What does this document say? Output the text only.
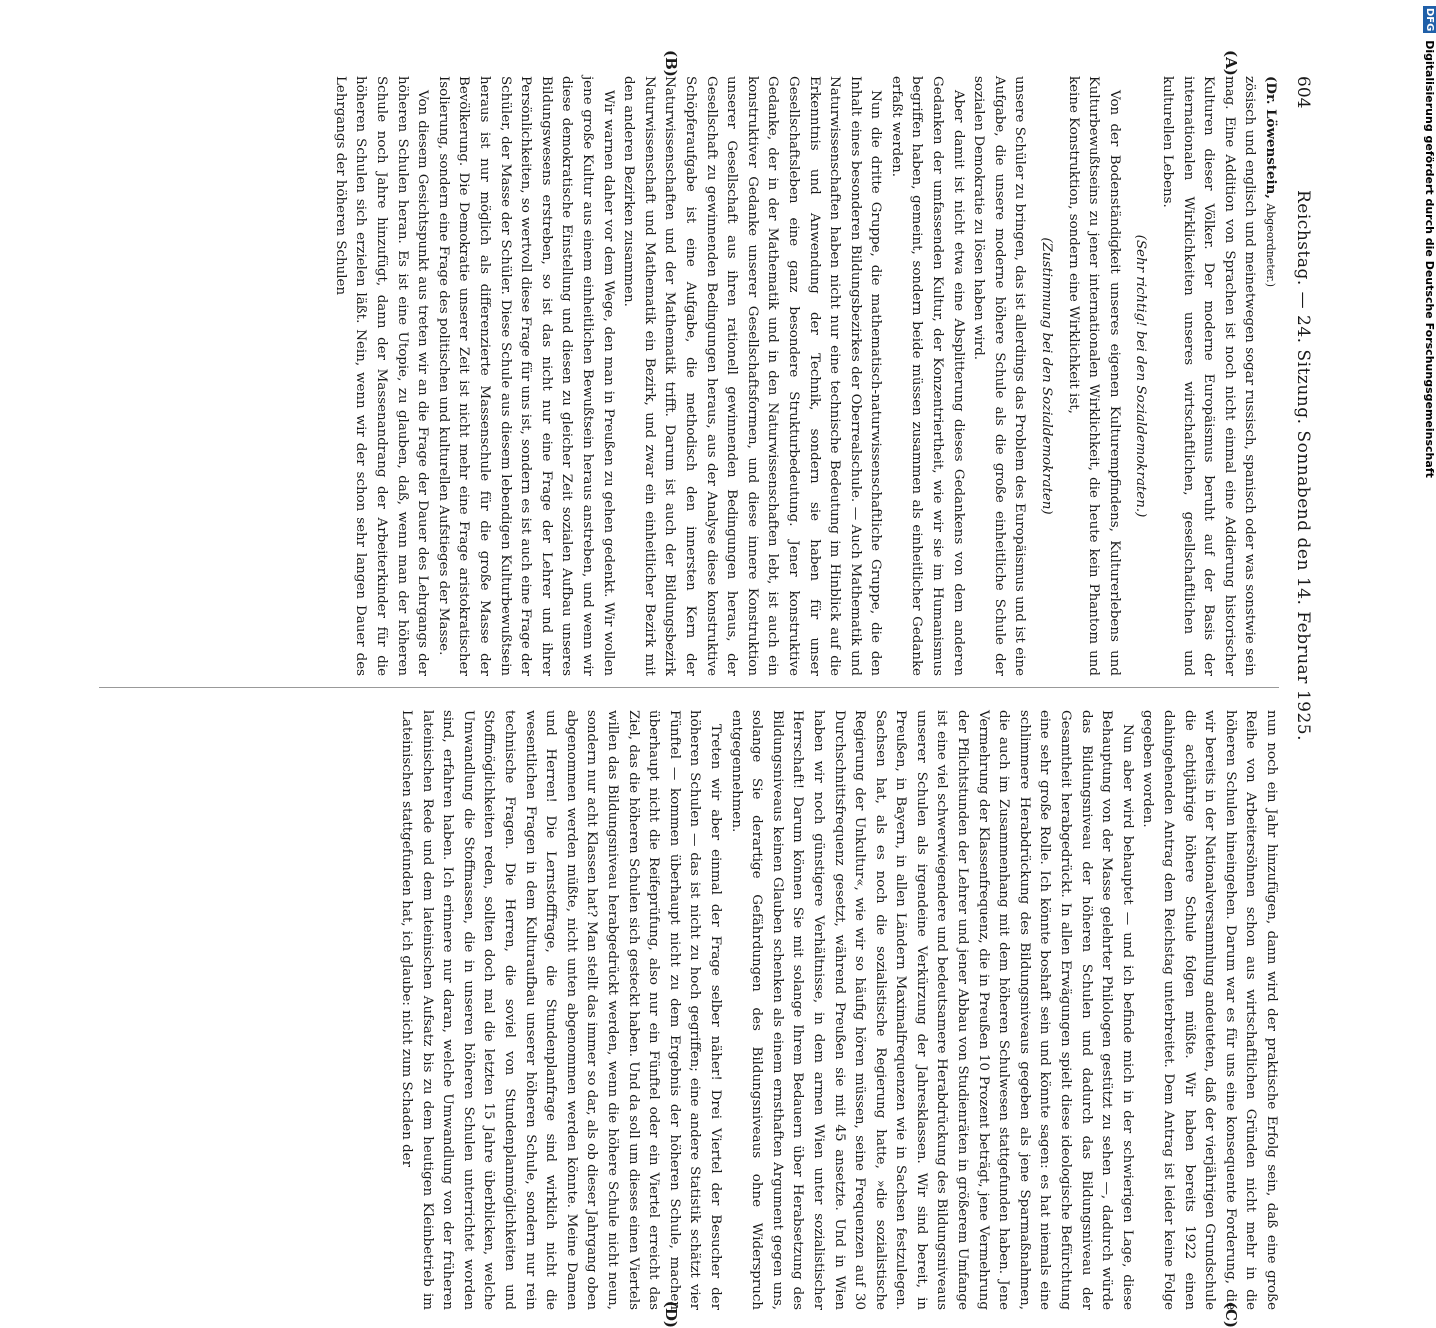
DFG Digitalisierung gefördert durch die Deutsche Forschungsgemeinschaft
604
Reichstag. — 24. Sitzung. Sonnabend den 14. Februar 1925.
(A)
(B)

(Dr. Löwenstein, Abgeordneter.)

zösisch und englisch und meinetwegen sogar russisch, spanisch oder was sonstwie sein mag. Eine Addition von Sprachen ist noch nicht einmal eine Addierung historischer Kulturen dieser Völker. Der moderne Europäismus beruht auf der Basis der internationalen Wirklichkeiten unseres wirtschaftlichen, gesellschaftlichen und kulturellen Lebens.

(Sehr richtig! bei den Sozialdemokraten.)

Von der Bodenständigkeit unseres eigenen Kulturempfindens, Kulturerlebens und Kulturbewußtseins zu jener internationalen Wirklichkeit, die heute kein Phantom und keine Konstruktion, sondern eine Wirklichkeit ist,

(Zustimmung bei den Sozialdemokraten)

unsere Schüler zu bringen, das ist allerdings das Problem des Europäismus und ist eine Aufgabe, die unsere moderne höhere Schule als die große einheitliche Schule der sozialen Demokratie zu lösen haben wird.

Aber damit ist nicht etwa eine Absplitterung dieses Gedankens von dem anderen Gedanken der umfassenden Kultur, der Konzentriertheit, wie wir sie im Humanismus begriffen haben, gemeint, sondern beide müssen zusammen als einheitlicher Gedanke erfaßt werden.

Nun die dritte Gruppe, die mathematisch-naturwissenschaftliche Gruppe, die den Inhalt eines besonderen Bildungsbezirkes der Oberrealschule. — Auch Mathematik und Naturwissenschaften haben nicht nur eine technische Bedeutung im Hinblick auf die Erkenntnis und Anwendung der Technik, sondern sie haben für unser Gesellschaftsleben eine ganz besondere Strukturbedeutung. Jener konstruktive Gedanke, der in der Mathematik und in den Naturwissenschaften lebt, ist auch ein konstruktiver Gedanke unserer Gesellschaftsformen, und diese innere Konstruktion unserer Gesellschaft aus ihren rationell gewinnenden Bedingungen heraus, der Gesellschaft zu gewinnenden Bedingungen heraus, aus der Analyse diese konstruktive Schöpferaufgabe ist eine Aufgabe, die methodisch den innersten Kern der Naturwissenschaften und der Mathematik trifft. Darum ist auch der Bildungsbezirk Naturwissenschaft und Mathematik ein Bezirk, und zwar ein einheitlicher Bezirk mit den anderen Bezirken zusammen.

Wir warnen daher vor dem Wege, den man in Preußen zu gehen gedenkt. Wir wollen jene große Kultur aus einem einheitlichen Bewußtsein heraus anstreben, und wenn wir diese demokratische Einstellung und diesen zu gleicher Zeit sozialen Aufbau unseres Bildungswesens erstreben, so ist das nicht nur eine Frage der Lehrer und ihrer Persönlichkeiten, so wertvoll diese Frage für uns ist, sondern es ist auch eine Frage der Schüler, der Masse der Schüler. Diese Schule aus diesem lebendigen Kulturbewußtsein heraus ist nur möglich als differenzierte Massenschule für die große Masse der Bevölkerung. Die Demokratie unserer Zeit ist nicht mehr eine Frage aristokratischer Isolierung, sondern eine Frage des politischen und kulturellen Aufstieges der Masse.

Von diesem Gesichtspunkt aus treten wir an die Frage der Dauer des Lehrgangs der höheren Schulen heran. Es ist eine Utopie, zu glauben, daß, wenn man der höheren Schule noch Jahre hinzufügt, dann der Massenandrang der Arbeiterkinder für die höheren Schulen sich erzielen läßt. Nein, wenn wir der schon sehr langen Dauer des Lehrgangs der höheren Schulen

(C)
(D)

nun noch ein Jahr hinzufügen, dann wird der praktische Erfolg sein, daß eine große Reihe von Arbeitersöhnen schon aus wirtschaftlichen Gründen nicht mehr in die höheren Schulen hineingehen. Darum war es für uns eine konsequente Forderung, die wir bereits in der Nationalversammlung andeuteten, daß der vierjährigen Grundschule die achtjährige höhere Schule folgen müßte. Wir haben bereits 1922 einen dahingehenden Antrag dem Reichstag unterbreitet. Dem Antrag ist leider keine Folge gegeben worden.

Nun aber wird behauptet — und ich befinde mich in der schwierigen Lage, diese Behauptung von der Masse gelehrter Philologen gestützt zu sehen —, dadurch würde das Bildungsniveau der höheren Schulen und dadurch das Bildungsniveau der Gesamtheit herabgedrückt. In allen Erwägungen spielt diese ideologische Befürchtung eine sehr große Rolle. Ich könnte boshaft sein und könnte sagen: es hat niemals eine schlimmere Herabdrückung des Bildungsniveaus gegeben als jene Sparmaßnahmen, die auch im Zusammenhang mit dem höheren Schulwesen stattgefunden haben. Jene Vermehrung der Klassenfrequenz, die in Preußen 10 Prozent beträgt, jene Vermehrung der Pflichtstunden der Lehrer und jener Abbau von Studienräten in größerem Umfange ist eine viel schwerwiegendere und bedeutsamere Herabdrückung des Bildungsniveaus unserer Schulen als irgendeine Verkürzung der Jahresklassen. Wir sind bereit, in Preußen, in Bayern, in allen Ländern Maximalfrequenzen wie in Sachsen festzulegen. Sachsen hat, als es noch die sozialistische Regierung hatte, »die sozialistische Regierung der Unkultur«, wie wir so häufig hören müssen, seine Frequenzen auf 30 Durchschnittsfrequenz gesetzt, während Preußen sie mit 45 ansetzte. Und in Wien haben wir noch günstigere Verhältnisse, in dem armen Wien unter sozialistischer Herrschaft! Darum können Sie mit solange Ihrem Bedauern über Herabsetzung des Bildungsniveaus keinen Glauben schenken als einem ernsthaften Argument gegen uns, solange Sie derartige Gefährdungen des Bildungsniveaus ohne Widerspruch entgegennehmen.

Treten wir aber einmal der Frage selber näher! Drei Viertel der Besucher der höheren Schulen — das ist nicht zu hoch gegriffen; eine andere Statistik schätzt vier Fünftel — kommen überhaupt nicht zu dem Ergebnis der höheren Schule, machen überhaupt nicht die Reifeprüfung, also nur ein Fünftel oder ein Viertel erreicht das Ziel, das die höheren Schulen sich gesteckt haben. Und da soll um dieses einen Viertels willen das Bildungsniveau herabgedrückt werden, wenn die höhere Schule nicht neun, sondern nur acht Klassen hat? Man stellt das immer so dar, als ob dieser Jahrgang oben abgenommen werden müßte, nicht unten abgenommen werden könnte. Meine Damen und Herren! Die Lernstofffrage, die Stundenplanfrage sind wirklich nicht die wesentlichen Fragen in dem Kulturaufbau unserer höheren Schule, sondern nur rein technische Fragen. Die Herren, die soviel von Stundenplanmöglichkeiten und Stoffmöglichkeiten reden, sollten doch mal die letzten 15 Jahre überblicken, welche Umwandlung die Stoffmassen, die in unseren höheren Schulen unterrichtet worden sind, erfahren haben. Ich erinnere nur daran, welche Umwandlung von der früheren lateinischen Rede und dem lateinischen Aufsatz bis zu dem heutigen Kleinbetrieb im Lateinischen stattgefunden hat, ich glaube: nicht zum Schaden der
